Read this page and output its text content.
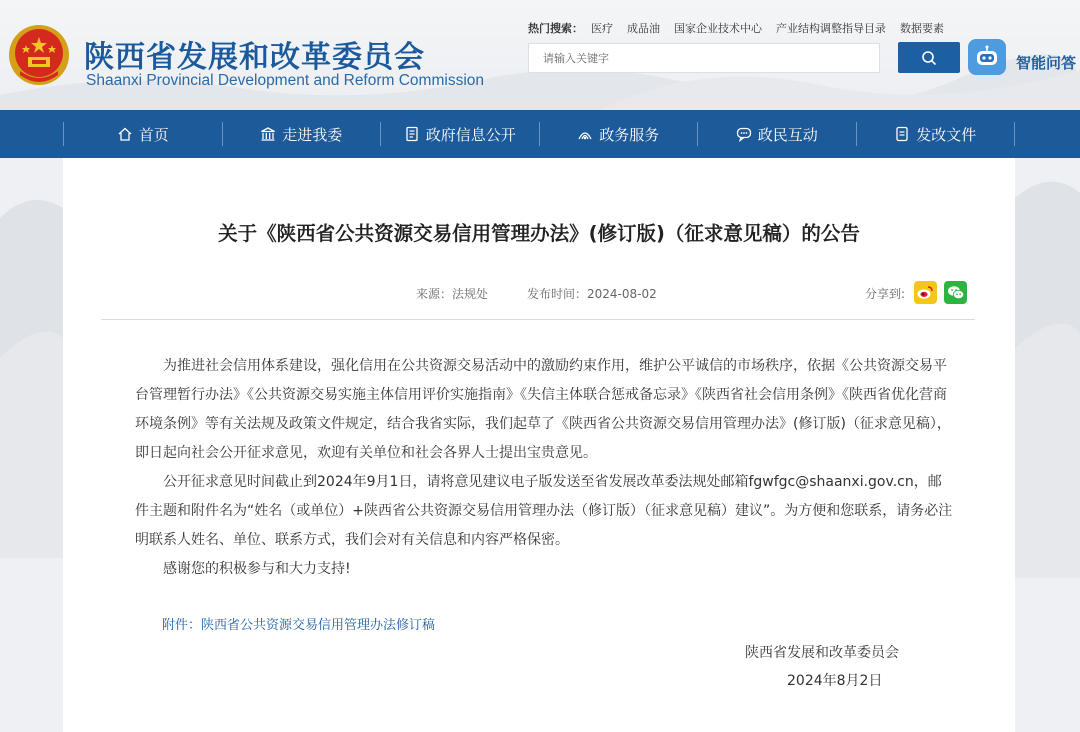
陕西省发展和改革委员会
Shaanxi Provincial Development and Reform Commission
热门搜索： 医疗 成品油 国家企业技术中心 产业结构调整指导目录 数据要素
请输入关键字
智能问答
首页	走进我委	政府信息公开	政务服务	政民互动	发改文件
关于《陕西省公共资源交易信用管理办法》(修订版)（征求意见稿）的公告
来源：法规处	发布时间：2024-08-02	分享到:

为推进社会信用体系建设，强化信用在公共资源交易活动中的激励约束作用，维护公平诚信的市场秩序，依据《公共资源交易平台管理暂行办法》《公共资源交易实施主体信用评价实施指南》《失信主体联合惩戒备忘录》《陕西省社会信用条例》《陕西省优化营商环境条例》等有关法规及政策文件规定，结合我省实际，我们起草了《陕西省公共资源交易信用管理办法》(修订版)（征求意见稿），即日起向社会公开征求意见，欢迎有关单位和社会各界人士提出宝贵意见。

公开征求意见时间截止到2024年9月1日，请将意见建议电子版发送至省发展改革委法规处邮箱fgwfgc@shaanxi.gov.cn，邮件主题和附件名为“姓名（或单位）+陕西省公共资源交易信用管理办法（修订版）（征求意见稿）建议”。为方便和您联系，请务必注明联系人姓名、单位、联系方式，我们会对有关信息和内容严格保密。

感谢您的积极参与和大力支持!

附件：陕西省公共资源交易信用管理办法修订稿
陕西省发展和改革委员会
2024年8月2日
